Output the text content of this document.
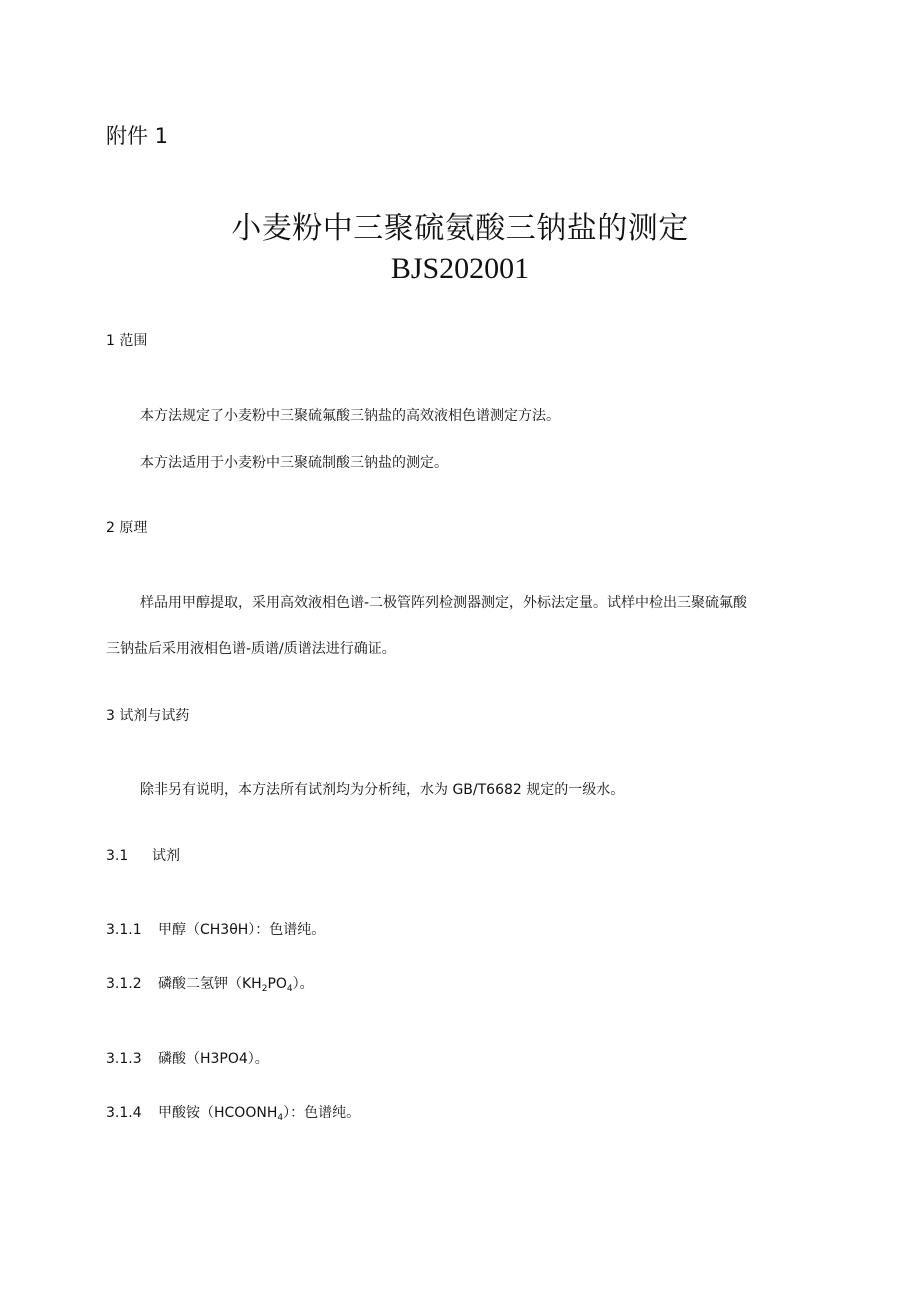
附件 1
小麦粉中三聚硫氨酸三钠盐的测定
BJS202001
1 范围
本方法规定了小麦粉中三聚硫氟酸三钠盐的高效液相色谱测定方法。
本方法适用于小麦粉中三聚硫制酸三钠盐的测定。
2 原理
样品用甲醇提取，采用高效液相色谱-二极管阵列检测器测定，外标法定量。试样中检出三聚硫氟酸
三钠盐后采用液相色谱-质谱/质谱法进行确证。
3 试剂与试药
除非另有说明，本方法所有试剂均为分析纯，水为 GB/T6682 规定的一级水。
3.1 试剂
3.1.1 甲醇（CH3θH）：色谱纯。
3.1.2 磷酸二氢钾$(KH_2PO_4)$。
3.1.3 磷酸（H3PO4）。
3.1.4 甲酸铵$(HCOONH_4)$：色谱纯。
